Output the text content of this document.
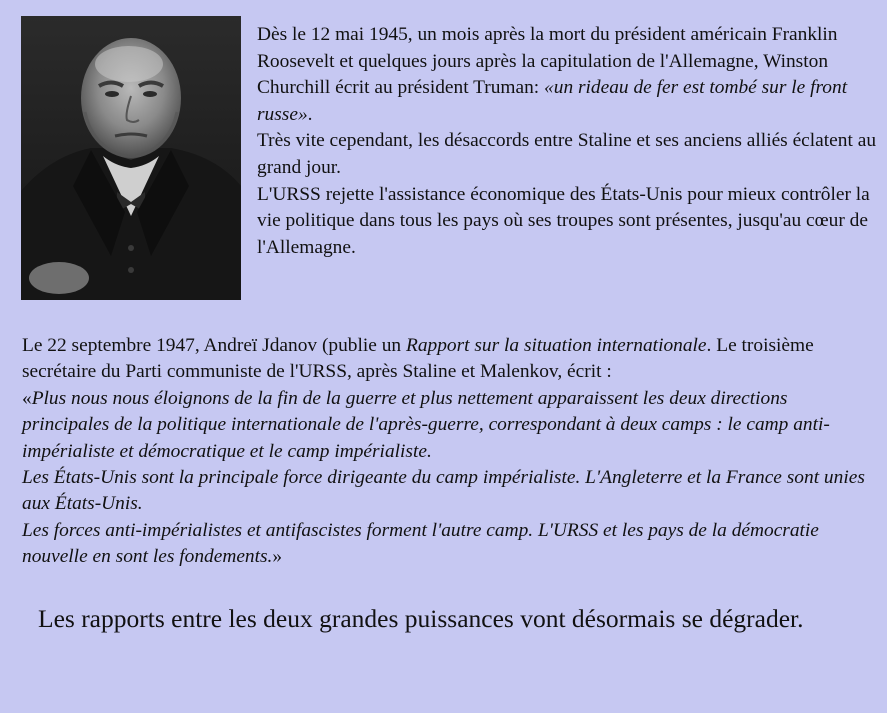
Dès le 12 mai 1945, un mois après la mort du président américain Franklin Roosevelt et quelques jours après la capitulation de l'Allemagne, Winston Churchill écrit au président Truman: «un rideau de fer est tombé sur le front russe».

Très vite cependant, les désaccords entre Staline et ses anciens alliés éclatent au grand jour.

L'URSS rejette l'assistance économique des États-Unis pour mieux contrôler la vie politique dans tous les pays où ses troupes sont présentes, jusqu'au cœur de l'Allemagne.

Le 22 septembre 1947, Andreï Jdanov (publie un Rapport sur la situation internationale. Le troisième secrétaire du Parti communiste de l'URSS, après Staline et Malenkov, écrit :

«Plus nous nous éloignons de la fin de la guerre et plus nettement apparaissent les deux directions principales de la politique internationale de l'après-guerre, correspondant à deux camps : le camp anti-impérialiste et démocratique et le camp impérialiste.

Les États-Unis sont la principale force dirigeante du camp impérialiste. L'Angleterre et la France sont unies aux États-Unis.

Les forces anti-impérialistes et antifascistes forment l'autre camp. L'URSS et les pays de la démocratie nouvelle en sont les fondements.»

Les rapports entre les deux grandes puissances vont désormais se dégrader.
